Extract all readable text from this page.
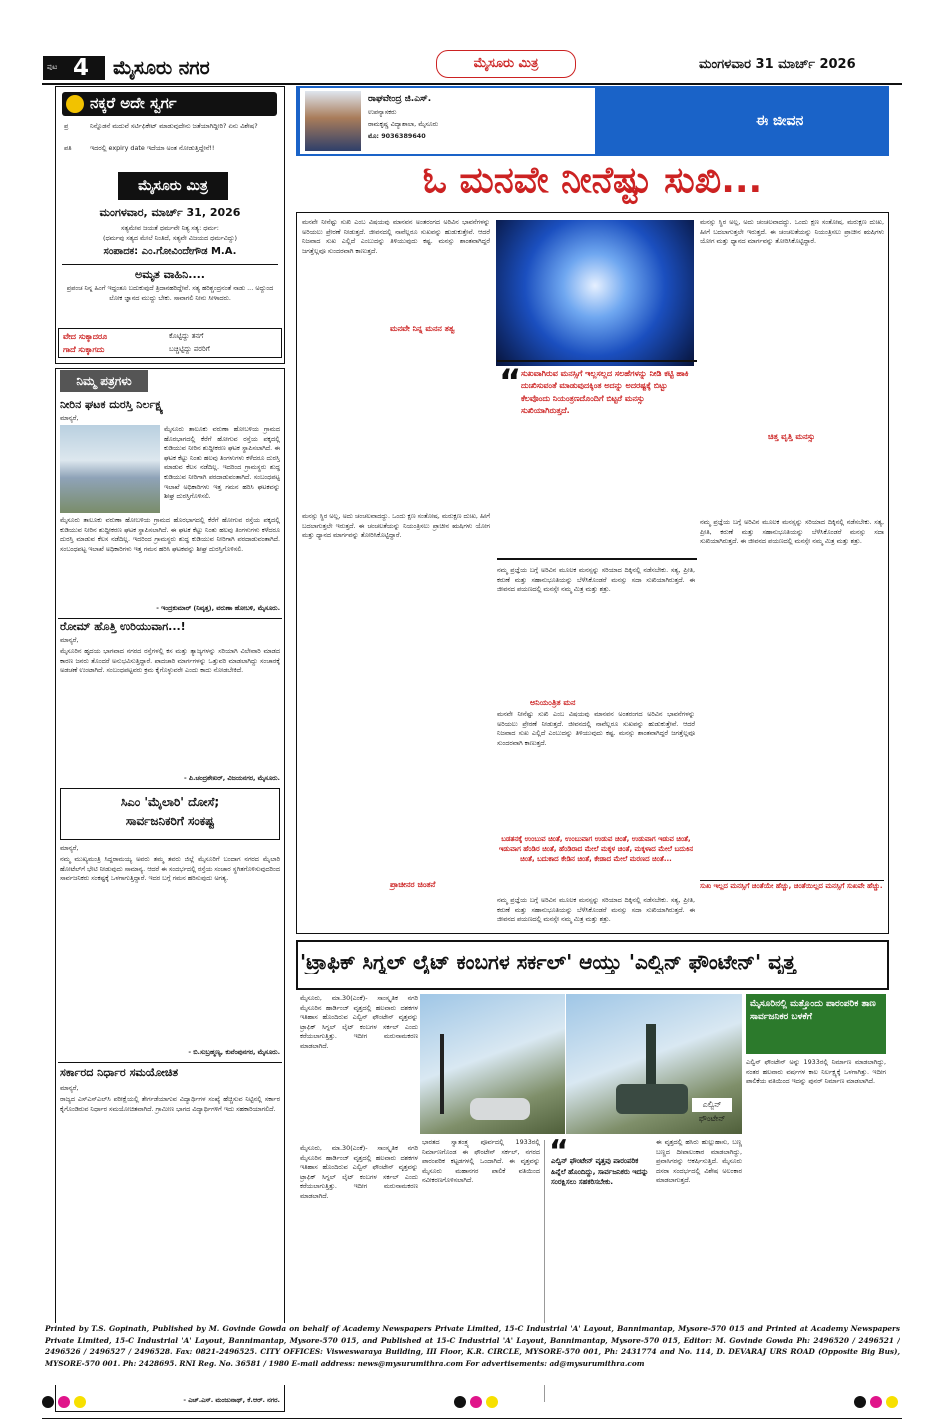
ಪುಟ 4 ಮೈಸೂರು ನಗರ	ಮೈಸೂರು ಮಿತ್ರ	ಮಂಗಳವಾರ 31 ಮಾರ್ಚ್ 2026
ನಕ್ಕರೆ ಅದೇ ಸ್ವರ್ಗ
ಪ್ರ	ನಿನ್ನೊಡನೆ ಮದುವೆ ಸರ್ಟಿಫಿಕೇಟ್ ಮಾಡುವುದೇನು ಜತೆಯಾಗಿದ್ದೀರಿ? ಏನು ವಿಶೇಷ?
ಪತಿ	ಇದರಲ್ಲಿ expiry date ಇದೆಯಾ ಅಂತ ನೋಡುತ್ತಿದ್ದೇನೆ!!
ಮೈಸೂರು ಮಿತ್ರ
ಮಂಗಳವಾರ, ಮಾರ್ಚ್ 31, 2026
ಸತ್ಯಮೇವ ಜಯತೆ ಧರ್ಮವೇ ನಿತ್ಯ ಸತ್ಯ: ಧರ್ಮ:
(ಧರ್ಮವು ಸತ್ಯದ ಮೇಲೆ ನಿಂತಿದೆ, ಸತ್ಯವೇ ವಿಜಯದ ಧರ್ಮವಿದ್ದು)
ಸಂಪಾದಕ: ಎಂ.ಗೋವಿಂದೇಗೌಡ M.A.
ಅಮೃತ ವಾಹಿನಿ....
ಪ್ರಪಂಚ ನಿನ್ನ ಹಿಂಗೆ ಇದ್ದಂತೂ ಬದುಕುವುದೆ ತ್ರಿದಾನಹರಿದ್ದೇವೆ. ಸತ್ಯ ಹರಿಶ್ಚಂದ್ರನಂತೆ ನಾಡು ... ಅದ್ದುಂದ ಲೋಕ ಜ್ಞಾನದ ಮುದ್ದು ಬೇಕು. ಸಾವಾಗಲಿ ನೀನು ಸೀಳಾದರು.
ವೇದ ಸುಕ್ಕಾದರೂ
ಗಾದೆ ಸುಕ್ಕಾಗದು
ಕೊಟ್ಟಿದ್ದು ತನಗೆ
ಬಚ್ಚಿಟ್ಟಿದ್ದು ಪರರಿಗೆ
ನಿಮ್ಮ ಪತ್ರಗಳು
ನೀರಿನ ಘಟಕ ದುರಸ್ತಿ ನಿರ್ಲಕ್ಷ್ಯ
ಮಾನ್ಯರೆ,
ಮೈಸೂರು ತಾಲೂಕು ವರುಣಾ ಹೋಬಳಿಯ ಗ್ರಾಮದ ಹೊರಭಾಗದಲ್ಲಿ ಕೆರೆಗೆ ಹೋಗುವ ರಸ್ತೆಯ ಪಕ್ಕದಲ್ಲಿ ಕುಡಿಯುವ ನೀರಿನ ಶುದ್ದೀಕರಣ ಘಟಕ ಸ್ಥಾಪಿಸಲಾಗಿದೆ. ಈ ಘಟಕ ಕೆಟ್ಟು ನಿಂತು ಹಲವು ತಿಂಗಳುಗಳು ಕಳೆದರೂ ದುರಸ್ತಿ ಮಾಡುವ ಕೆಲಸ ನಡೆದಿಲ್ಲ. ಇದರಿಂದ ಗ್ರಾಮಸ್ಥರು ಶುದ್ಧ ಕುಡಿಯುವ ನೀರಿಗಾಗಿ ಪರದಾಡುವಂತಾಗಿದೆ. ಸಂಬಂಧಪಟ್ಟ ಇಲಾಖೆ ಅಧಿಕಾರಿಗಳು ಇತ್ತ ಗಮನ ಹರಿಸಿ ಘಟಕವನ್ನು ಶೀಘ್ರ ದುರಸ್ತಿಗೊಳಿಸಲಿ.
ಮೈಸೂರು ತಾಲೂಕು ವರುಣಾ ಹೋಬಳಿಯ ಗ್ರಾಮದ ಹೊರಭಾಗದಲ್ಲಿ ಕೆರೆಗೆ ಹೋಗುವ ರಸ್ತೆಯ ಪಕ್ಕದಲ್ಲಿ ಕುಡಿಯುವ ನೀರಿನ ಶುದ್ದೀಕರಣ ಘಟಕ ಸ್ಥಾಪಿಸಲಾಗಿದೆ. ಈ ಘಟಕ ಕೆಟ್ಟು ನಿಂತು ಹಲವು ತಿಂಗಳುಗಳು ಕಳೆದರೂ ದುರಸ್ತಿ ಮಾಡುವ ಕೆಲಸ ನಡೆದಿಲ್ಲ. ಇದರಿಂದ ಗ್ರಾಮಸ್ಥರು ಶುದ್ಧ ಕುಡಿಯುವ ನೀರಿಗಾಗಿ ಪರದಾಡುವಂತಾಗಿದೆ. ಸಂಬಂಧಪಟ್ಟ ಇಲಾಖೆ ಅಧಿಕಾರಿಗಳು ಇತ್ತ ಗಮನ ಹರಿಸಿ ಘಟಕವನ್ನು ಶೀಘ್ರ ದುರಸ್ತಿಗೊಳಿಸಲಿ.
- ಇಂದ್ರಕುಮಾರ್ (ನಿವೃತ್ತ), ವರುಣಾ ಹೋಬಳಿ, ಮೈಸೂರು.
ರೋಮ್ ಹೊತ್ತಿ ಉರಿಯುವಾಗ...!
ಮಾನ್ಯರೆ,
ಮೈಸೂರಿನ ಹೃದಯ ಭಾಗವಾದ ನಗರದ ರಸ್ತೆಗಳಲ್ಲಿ ಕಸ ಮತ್ತು ತ್ಯಾಜ್ಯಗಳನ್ನು ಸರಿಯಾಗಿ ವಿಲೇವಾರಿ ಮಾಡದ ಕಾರಣ ಜನರು ತೊಂದರೆ ಅನುಭವಿಸುತ್ತಿದ್ದಾರೆ. ಪಾದಚಾರಿ ಮಾರ್ಗಗಳನ್ನು ಒತ್ತುವರಿ ಮಾಡಲಾಗಿದ್ದು ಸಂಚಾರಕ್ಕೆ ಅಡಚಣೆ ಉಂಟಾಗಿದೆ. ಸಂಬಂಧಪಟ್ಟವರು ಕ್ರಮ ಕೈಗೊಳ್ಳುವರೇ ಎಂದು ಕಾದು ನೋಡಬೇಕಿದೆ.
- ಪಿ.ಚಂದ್ರಶೇಖರ್, ವಿಜಯನಗರ, ಮೈಸೂರು.
ಸಿಎಂ 'ಮೈಲಾರಿ' ದೋಸೆ;
ಸಾರ್ವಜನಿಕರಿಗೆ ಸಂಕಷ್ಟ
ಮಾನ್ಯರೆ,
ನಮ್ಮ ಮುಖ್ಯಮಂತ್ರಿ ಸಿದ್ದರಾಮಯ್ಯ ಅವರು ತಮ್ಮ ತವರು ಜಿಲ್ಲೆ ಮೈಸೂರಿಗೆ ಬಂದಾಗ ನಗರದ ಮೈಲಾರಿ ಹೋಟೆಲ್‌ಗೆ ಭೇಟಿ ನೀಡುವುದು ಸಾಮಾನ್ಯ. ಆದರೆ ಈ ಸಂದರ್ಭದಲ್ಲಿ ರಸ್ತೆಯ ಸಂಚಾರ ಸ್ಥಗಿತಗೊಳಿಸುವುದರಿಂದ ಸಾರ್ವಜನಿಕರು ಸಂಕಷ್ಟಕ್ಕೆ ಒಳಗಾಗುತ್ತಿದ್ದಾರೆ. ಇದರ ಬಗ್ಗೆ ಗಮನ ಹರಿಸುವುದು ಅಗತ್ಯ.
- ಬಿ.ಸುಬ್ರಹ್ಮಣ್ಯ, ಕುವೆಂಪುನಗರ, ಮೈಸೂರು.
ಸರ್ಕಾರದ ನಿರ್ಧಾರ ಸಮಯೋಚಿತ
ಮಾನ್ಯರೆ,
ರಾಜ್ಯದ ಎಸ್‌ಎಸ್‌ಎಲ್‌ಸಿ ಪರೀಕ್ಷೆಯಲ್ಲಿ ತೇರ್ಗಡೆಯಾಗುವ ವಿದ್ಯಾರ್ಥಿಗಳ ಸಂಖ್ಯೆ ಹೆಚ್ಚಿಸುವ ನಿಟ್ಟಿನಲ್ಲಿ ಸರ್ಕಾರ ಕೈಗೊಂಡಿರುವ ನಿರ್ಧಾರ ಸಮಯೋಚಿತವಾಗಿದೆ. ಗ್ರಾಮೀಣ ಭಾಗದ ವಿದ್ಯಾರ್ಥಿಗಳಿಗೆ ಇದು ಸಹಕಾರಿಯಾಗಲಿದೆ.
- ಎಚ್.ಎಸ್. ಮಂಜುನಾಥ್, ಕೆ.ಆರ್. ನಗರ.
ರಾಘವೇಂದ್ರ ಜಿ.ಎಸ್.
ಉಪನ್ಯಾಸಕರು
ರಾಮಕೃಷ್ಣ ವಿದ್ಯಾಶಾಲಾ, ಮೈಸೂರು
ಮೊ: 9036389640
ಈ ಜೀವನ
ಓ ಮನವೇ ನೀನೆಷ್ಟು ಸುಖಿ...
ಮನವೇ ನೀನೆಷ್ಟು ಸುಖಿ ಎಂಬ ವಿಷಯವು ಮಾನವನ ಅಂತರಂಗದ ಅರಿವಿನ ಭಾವನೆಗಳನ್ನು ಅರಿಯಲು ಪ್ರೇರಣೆ ನೀಡುತ್ತದೆ. ಜೀವನದಲ್ಲಿ ನಾವೆಲ್ಲರೂ ಸುಖವನ್ನು ಹುಡುಕುತ್ತೇವೆ. ಆದರೆ ನಿಜವಾದ ಸುಖ ಎಲ್ಲಿದೆ ಎಂಬುದನ್ನು ತಿಳಿಯುವುದು ಕಷ್ಟ. ಮನಸ್ಸು ಶಾಂತವಾಗಿದ್ದರೆ ಜಗತ್ತೆಲ್ಲವೂ ಸುಂದರವಾಗಿ ಕಾಣುತ್ತದೆ.
ಮನಸ್ಸು ಸ್ಥಿರ ಅಲ್ಲ, ಅದು ಚಂಚಲವಾದದ್ದು. ಒಂದು ಕ್ಷಣ ಸಂತೋಷ, ಮರುಕ್ಷಣ ದುಃಖ, ಹೀಗೆ ಬದಲಾಗುತ್ತಲೇ ಇರುತ್ತದೆ. ಈ ಚಂಚಲತೆಯನ್ನು ನಿಯಂತ್ರಿಸಲು ಪ್ರಾಚೀನ ಋಷಿಗಳು ಯೋಗ ಮತ್ತು ಧ್ಯಾನದ ಮಾರ್ಗವನ್ನು ತೋರಿಸಿಕೊಟ್ಟಿದ್ದಾರೆ.
ಮನವೇ ನಿನ್ನ ಮನನ ತತ್ವ
“ ಸುಖವಾಗಿರುವ ಮನಸ್ಸಿಗೆ ಇಲ್ಲಸಲ್ಲದ ಸಲಹೆಗಳನ್ನು ನೀಡಿ ಕಟ್ಟಿ ಹಾಕಿ ದುಃಖಿಸುವಂತೆ ಮಾಡುವುದಕ್ಕಿಂತ ಅದನ್ನು ಅದರಷ್ಟಕ್ಕೆ ಬಿಟ್ಟು ಕೆಲವೊಂದು ನಿಯಂತ್ರಣದೊಂದಿಗೆ ಬಿಟ್ಟರೆ ಮನಸ್ಸು ಸುಖಿಯಾಗಿರುತ್ತದೆ.
ಮನಸ್ಸು ಸ್ಥಿರ ಅಲ್ಲ, ಅದು ಚಂಚಲವಾದದ್ದು. ಒಂದು ಕ್ಷಣ ಸಂತೋಷ, ಮರುಕ್ಷಣ ದುಃಖ, ಹೀಗೆ ಬದಲಾಗುತ್ತಲೇ ಇರುತ್ತದೆ. ಈ ಚಂಚಲತೆಯನ್ನು ನಿಯಂತ್ರಿಸಲು ಪ್ರಾಚೀನ ಋಷಿಗಳು ಯೋಗ ಮತ್ತು ಧ್ಯಾನದ ಮಾರ್ಗವನ್ನು ತೋರಿಸಿಕೊಟ್ಟಿದ್ದಾರೆ.
ನಮ್ಮ ಪ್ರಜ್ಞೆಯ ಬಗ್ಗೆ ಅರಿವಿನ ಮೂಲಕ ಮನಸ್ಸನ್ನು ಸರಿಯಾದ ದಿಕ್ಕಿನಲ್ಲಿ ನಡೆಸಬೇಕು. ಸತ್ಯ, ಪ್ರೀತಿ, ಕರುಣೆ ಮತ್ತು ಸಹಾನುಭೂತಿಯನ್ನು ಬೆಳೆಸಿಕೊಂಡರೆ ಮನಸ್ಸು ಸದಾ ಸುಖಿಯಾಗಿರುತ್ತದೆ. ಈ ಜೀವನದ ಪಯಣದಲ್ಲಿ ಮನಸ್ಸೇ ನಮ್ಮ ಮಿತ್ರ ಮತ್ತು ಶತ್ರು.
ಅನಿಯಂತ್ರಿತ ಮನ
ಮನವೇ ನೀನೆಷ್ಟು ಸುಖಿ ಎಂಬ ವಿಷಯವು ಮಾನವನ ಅಂತರಂಗದ ಅರಿವಿನ ಭಾವನೆಗಳನ್ನು ಅರಿಯಲು ಪ್ರೇರಣೆ ನೀಡುತ್ತದೆ. ಜೀವನದಲ್ಲಿ ನಾವೆಲ್ಲರೂ ಸುಖವನ್ನು ಹುಡುಕುತ್ತೇವೆ. ಆದರೆ ನಿಜವಾದ ಸುಖ ಎಲ್ಲಿದೆ ಎಂಬುದನ್ನು ತಿಳಿಯುವುದು ಕಷ್ಟ. ಮನಸ್ಸು ಶಾಂತವಾಗಿದ್ದರೆ ಜಗತ್ತೆಲ್ಲವೂ ಸುಂದರವಾಗಿ ಕಾಣುತ್ತದೆ.
ಬಡತನಕ್ಕೆ ಉಂಬುವ ಚಿಂತೆ, ಉಂಬುವಾಗ ಉಡುವ ಚಿಂತೆ, ಉಡುವಾಗ ಇಡುವ ಚಿಂತೆ, ಇಡುವಾಗ ಹೆಂಡಿರ ಚಿಂತೆ, ಹೆಂಡಿರಾದ ಮೇಲೆ ಮಕ್ಕಳ ಚಿಂತೆ, ಮಕ್ಕಳಾದ ಮೇಲೆ ಬದುಕಿನ ಚಿಂತೆ, ಬದುಕಾದ ಕೇಡಿನ ಚಿಂತೆ, ಕೇಡಾದ ಮೇಲೆ ಮರಣದ ಚಿಂತೆ...
ನಮ್ಮ ಪ್ರಜ್ಞೆಯ ಬಗ್ಗೆ ಅರಿವಿನ ಮೂಲಕ ಮನಸ್ಸನ್ನು ಸರಿಯಾದ ದಿಕ್ಕಿನಲ್ಲಿ ನಡೆಸಬೇಕು. ಸತ್ಯ, ಪ್ರೀತಿ, ಕರುಣೆ ಮತ್ತು ಸಹಾನುಭೂತಿಯನ್ನು ಬೆಳೆಸಿಕೊಂಡರೆ ಮನಸ್ಸು ಸದಾ ಸುಖಿಯಾಗಿರುತ್ತದೆ. ಈ ಜೀವನದ ಪಯಣದಲ್ಲಿ ಮನಸ್ಸೇ ನಮ್ಮ ಮಿತ್ರ ಮತ್ತು ಶತ್ರು.
ಪ್ರಾಚೀನರ ಚಿಂತನೆ
ಚಿತ್ತ ವೃತ್ತಿ ಮನಸ್ಸು
ನಮ್ಮ ಪ್ರಜ್ಞೆಯ ಬಗ್ಗೆ ಅರಿವಿನ ಮೂಲಕ ಮನಸ್ಸನ್ನು ಸರಿಯಾದ ದಿಕ್ಕಿನಲ್ಲಿ ನಡೆಸಬೇಕು. ಸತ್ಯ, ಪ್ರೀತಿ, ಕರುಣೆ ಮತ್ತು ಸಹಾನುಭೂತಿಯನ್ನು ಬೆಳೆಸಿಕೊಂಡರೆ ಮನಸ್ಸು ಸದಾ ಸುಖಿಯಾಗಿರುತ್ತದೆ. ಈ ಜೀವನದ ಪಯಣದಲ್ಲಿ ಮನಸ್ಸೇ ನಮ್ಮ ಮಿತ್ರ ಮತ್ತು ಶತ್ರು.
ಸುಖ ಇಲ್ಲದ ಮನಸ್ಸಿಗೆ ಚಿಂತೆಯೇ ಹೆಚ್ಚು, ಚಿಂತೆಯಿಲ್ಲದ ಮನಸ್ಸಿಗೆ ಸುಖವೇ ಹೆಚ್ಚು.
'ಟ್ರಾಫಿಕ್ ಸಿಗ್ನಲ್ ಲೈಟ್ ಕಂಬಗಳ ಸರ್ಕಲ್' ಆಯ್ತು 'ಎಲ್ವಿನ್ ಫೌಂಟೇನ್' ವೃತ್ತ
ಮೈಸೂರು, ಮಾ.30(ಎಂಕೆ)- ಸಾಂಸ್ಕೃತಿಕ ನಗರಿ ಮೈಸೂರಿನ ಹಾರ್ಡಿಂಜ್ ವೃತ್ತದಲ್ಲಿ ಹಲವಾರು ದಶಕಗಳ ಇತಿಹಾಸ ಹೊಂದಿರುವ ಎಲ್ವಿನ್ ಫೌಂಟೇನ್ ವೃತ್ತವನ್ನು ಟ್ರಾಫಿಕ್ ಸಿಗ್ನಲ್ ಲೈಟ್ ಕಂಬಗಳ ಸರ್ಕಲ್ ಎಂದು ಕರೆಯಲಾಗುತ್ತಿತ್ತು. ಇದೀಗ ಮರುನಾಮಕರಣ ಮಾಡಲಾಗಿದೆ.
ಎಲ್ವಿನ್ ಫೌಂಟೇನ್
ಮೈಸೂರಿನಲ್ಲಿ ಮತ್ತೊಂದು ಪಾರಂಪರಿಕ ತಾಣ ಸಾರ್ವಜನಿಕರ ಬಳಕೆಗೆ
ಎಲ್ವಿನ್ ಫೌಂಟೇನ್ ಅನ್ನು 1933ರಲ್ಲಿ ನಿರ್ಮಾಣ ಮಾಡಲಾಗಿದ್ದು, ನಂತರ ಹಲವಾರು ವರ್ಷಗಳ ಕಾಲ ನಿರ್ಲಕ್ಷ್ಯಕ್ಕೆ ಒಳಗಾಗಿತ್ತು. ಇದೀಗ ಪಾಲಿಕೆಯ ವತಿಯಿಂದ ಇದನ್ನು ಪುನರ್‌ ನಿರ್ಮಾಣ ಮಾಡಲಾಗಿದೆ.
ಮೈಸೂರು, ಮಾ.30(ಎಂಕೆ)- ಸಾಂಸ್ಕೃತಿಕ ನಗರಿ ಮೈಸೂರಿನ ಹಾರ್ಡಿಂಜ್ ವೃತ್ತದಲ್ಲಿ ಹಲವಾರು ದಶಕಗಳ ಇತಿಹಾಸ ಹೊಂದಿರುವ ಎಲ್ವಿನ್ ಫೌಂಟೇನ್ ವೃತ್ತವನ್ನು ಟ್ರಾಫಿಕ್ ಸಿಗ್ನಲ್ ಲೈಟ್ ಕಂಬಗಳ ಸರ್ಕಲ್ ಎಂದು ಕರೆಯಲಾಗುತ್ತಿತ್ತು. ಇದೀಗ ಮರುನಾಮಕರಣ ಮಾಡಲಾಗಿದೆ.
ಭಾರತದ ಸ್ವಾತಂತ್ರ್ಯ ಪೂರ್ವದಲ್ಲಿ 1933ರಲ್ಲಿ ನಿರ್ಮಾಣಗೊಂಡ ಈ ಫೌಂಟೇನ್ ಸರ್ಕಲ್, ನಗರದ ಪಾರಂಪರಿಕ ಕಟ್ಟಡಗಳಲ್ಲಿ ಒಂದಾಗಿದೆ. ಈ ವೃತ್ತವನ್ನು ಮೈಸೂರು ಮಹಾನಗರ ಪಾಲಿಕೆ ವತಿಯಿಂದ ನವೀಕರಣಗೊಳಿಸಲಾಗಿದೆ.
“
ಎಲ್ವಿನ್ ಫೌಂಟೇನ್ ವೃತ್ತವು ಪಾರಂಪರಿಕ ಹಿನ್ನೆಲೆ ಹೊಂದಿದ್ದು, ಸಾರ್ವಜನಿಕರು ಇದನ್ನು ಸಂರಕ್ಷಿಸಲು ಸಹಕರಿಸಬೇಕು.
ಈ ವೃತ್ತದಲ್ಲಿ ಹಸಿರು ಹುಲ್ಲುಹಾಸು, ಬಣ್ಣ ಬಣ್ಣದ ದೀಪಾಲಂಕಾರ ಮಾಡಲಾಗಿದ್ದು, ಪ್ರವಾಸಿಗರನ್ನು ಆಕರ್ಷಿಸುತ್ತಿದೆ. ಮೈಸೂರು ದಸರಾ ಸಂದರ್ಭದಲ್ಲಿ ವಿಶೇಷ ಅಲಂಕಾರ ಮಾಡಲಾಗುತ್ತದೆ.
Printed by T.S. Gopinath, Published by M. Govinde Gowda on behalf of Academy Newspapers Private Limited, 15-C Industrial 'A' Layout, Bannimantap, Mysore-570 015 and Printed at Academy Newspapers Private Limited, 15-C Industrial 'A' Layout, Bannimantap, Mysore-570 015, and Published at 15-C Industrial 'A' Layout, Bannimantap, Mysore-570 015, Editor: M. Govinde Gowda Ph: 2496520 / 2496521 / 2496526 / 2496527 / 2496528. Fax: 0821-2496525. CITY OFFICES: Visweswaraya Building, III Floor, K.R. CIRCLE, MYSORE-570 001, Ph: 2431774 and No. 114, D. DEVARAJ URS ROAD (Opposite Big Bus), MYSORE-570 001. Ph: 2428695. RNI Reg. No. 36581 / 1980 E-mail address: news@mysurumithra.com For advertisements: ad@mysurumithra.com
